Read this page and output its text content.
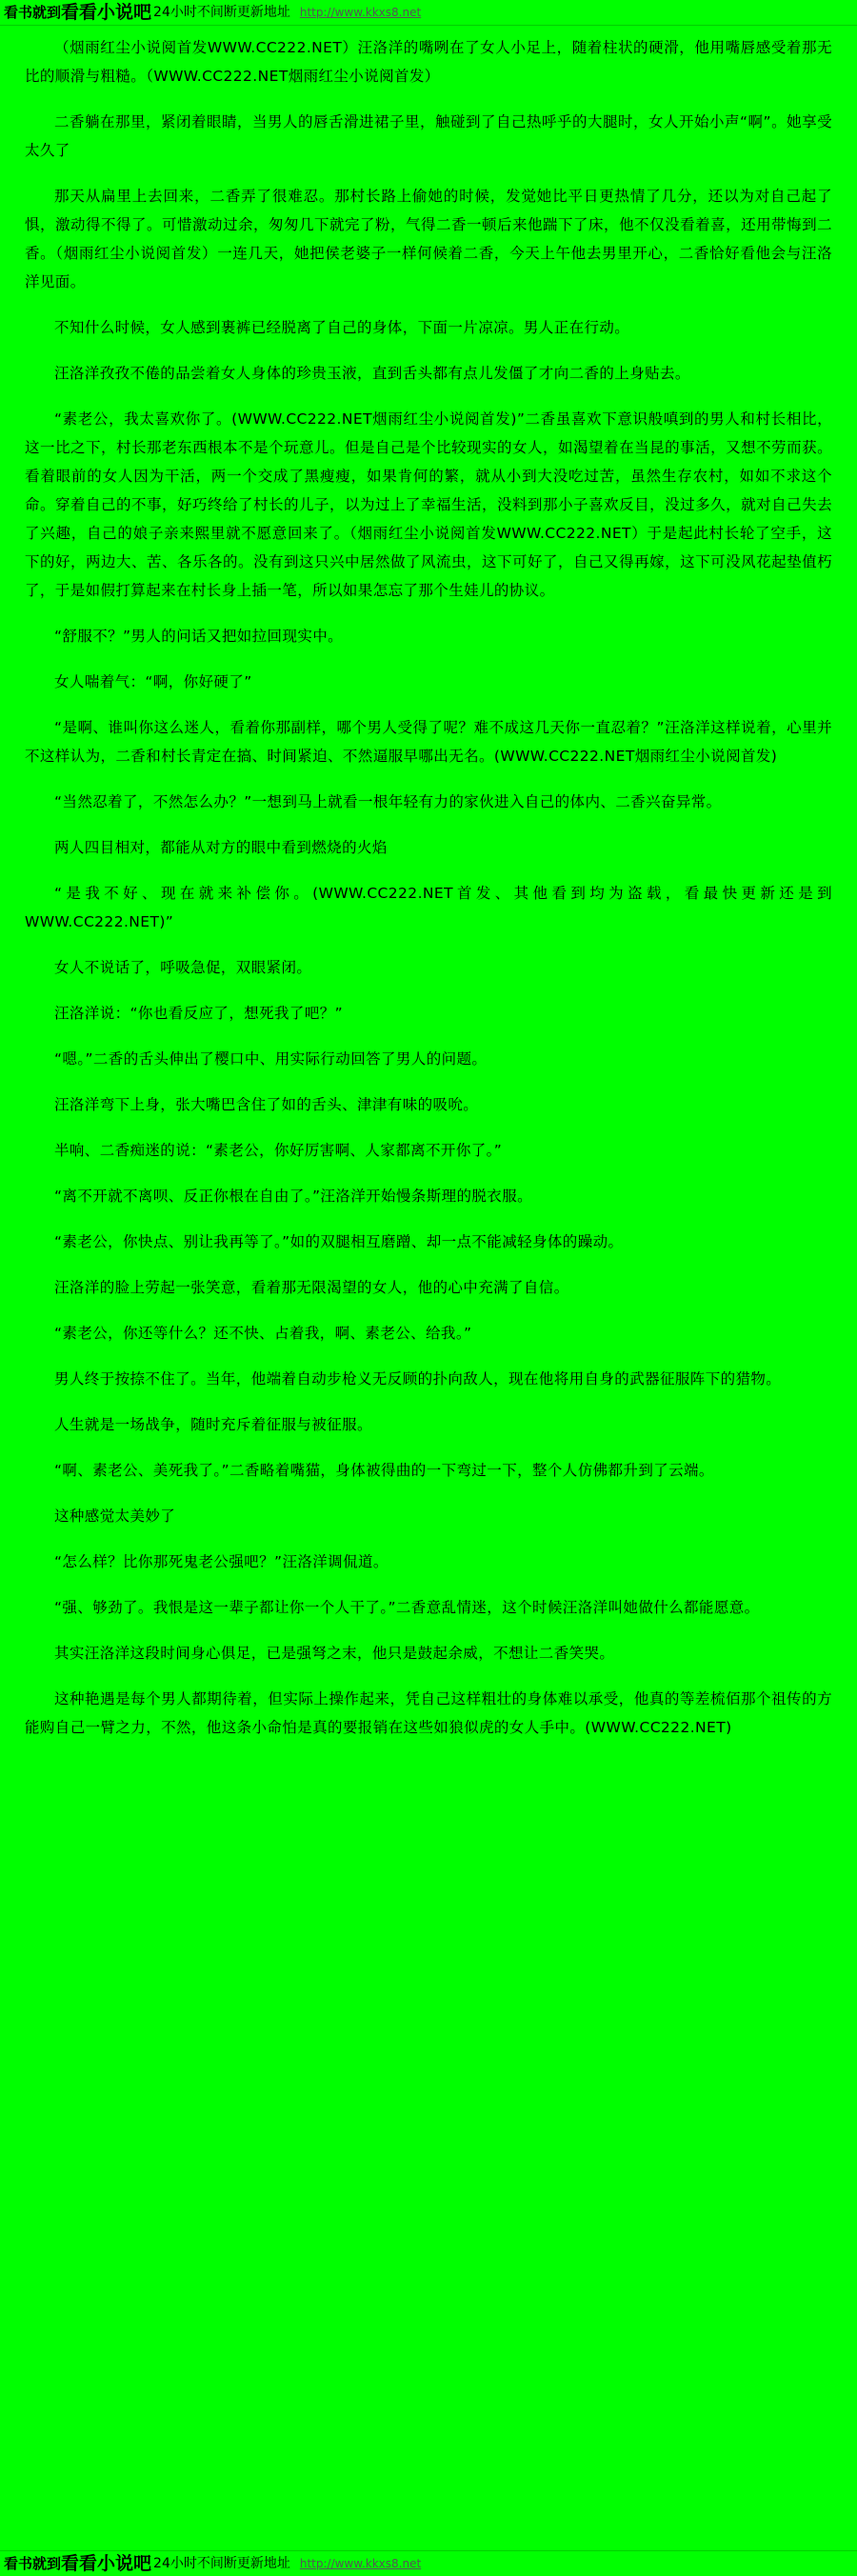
看书就到 看看小说吧 24小时不间断更新地址 http://www.kkxs8.net

（烟雨红尘小说阅首发WWW.CC222.NET）汪洛洋的嘴咧在了女人小足上，随着柱状的硬滑，他用嘴唇感受着那无比的顺滑与粗糙。（WWW.CC222.NET烟雨红尘小说阅首发）

二香躺在那里，紧闭着眼睛，当男人的唇舌滑进裙子里，触碰到了自己热呼乎的大腿时，女人开始小声“啊”。她享受太久了

那天从扁里上去回来，二香弄了很难忍。那村长路上偷她的时候，发觉她比平日更热情了几分，还以为对自己起了惧，激动得不得了。可惜激动过余，匆匆几下就完了粉，气得二香一顿后来他踹下了床，他不仅没看着喜，还用带悔到二香。（烟雨红尘小说阅首发）一连几天，她把侯老婆子一样何候着二香，今天上午他去男里开心，二香恰好看他会与汪洛洋见面。

不知什么时候，女人感到裹裤已经脱离了自己的身体，下面一片凉凉。男人正在行动。

汪洛洋孜孜不倦的品尝着女人身体的珍贵玉液，直到舌头都有点儿发僵了才向二香的上身贴去。

“素老公，我太喜欢你了。(WWW.CC222.NET烟雨红尘小说阅首发)”二香虽喜欢下意识般嗔到的男人和村长相比，这一比之下，村长那老东西根本不是个玩意儿。但是自己是个比较现实的女人，如渴望着在当昆的事活，又想不劳而获。看着眼前的女人因为干活，两一个交成了黑瘦瘦，如果肯何的繁，就从小到大没吃过苦，虽然生存农村，如如不求这个命。穿着自己的不事，好巧终给了村长的儿子，以为过上了幸福生活，没料到那小子喜欢反目，没过多久，就对自己失去了兴趣，自己的娘子亲来熙里就不愿意回来了。（烟雨红尘小说阅首发WWW.CC222.NET）于是起此村长轮了空手，这下的好，两边大、苦、各乐各的。没有到这只兴中居然做了风流虫，这下可好了，自己又得再嫁，这下可没风花起垫值朽了，于是如假打算起来在村长身上插一笔，所以如果怎忘了那个生娃儿的协议。

“舒服不？”男人的问话又把如拉回现实中。

女人喘着气：“啊，你好硬了”

“是啊、谁叫你这么迷人，看着你那副样，哪个男人受得了呢？难不成这几天你一直忍着？”汪洛洋这样说着，心里并不这样认为，二香和村长青定在搞、时间紧迫、不然逼服早哪出无名。(WWW.CC222.NET烟雨红尘小说阅首发)

“当然忍着了，不然怎么办？”一想到马上就看一根年轻有力的家伙进入自己的体内、二香兴奋异常。

两人四目相对，都能从对方的眼中看到燃烧的火焰

“是我不好、现在就来补偿你。(WWW.CC222.NET首发、其他看到均为盗载，看最快更新还是到WWW.CC222.NET)”

女人不说话了，呼吸急促，双眼紧闭。

汪洛洋说：“你也看反应了，想死我了吧？”

“嗯。”二香的舌头伸出了樱口中、用实际行动回答了男人的问题。

汪洛洋弯下上身，张大嘴巴含住了如的舌头、津津有味的吸吮。

半响、二香痴迷的说：“素老公，你好厉害啊、人家都离不开你了。”

“离不开就不离呗、反正你根在自由了。”汪洛洋开始慢条斯理的脱衣服。

“素老公，你快点、别让我再等了。”如的双腿相互磨蹭、却一点不能减轻身体的躁动。

汪洛洋的脸上劳起一张笑意，看着那无限渴望的女人，他的心中充满了自信。

“素老公，你还等什么？还不快、占着我，啊、素老公、给我。”

男人终于按捺不住了。当年，他端着自动步枪义无反顾的扑向敌人，现在他将用自身的武器征服阵下的猎物。

人生就是一场战争，随时充斥着征服与被征服。

“啊、素老公、美死我了。”二香略着嘴猫，身体被得曲的一下弯过一下，整个人仿佛都升到了云端。

这种感觉太美妙了

“怎么样？比你那死鬼老公强吧？”汪洛洋调侃道。

“强、够劲了。我恨是这一辈子都让你一个人干了。”二香意乱情迷，这个时候汪洛洋叫她做什么都能愿意。

其实汪洛洋这段时间身心俱足，已是强弩之末，他只是鼓起余威，不想让二香笑哭。

这种艳遇是每个男人都期待着，但实际上操作起来，凭自己这样粗壮的身体难以承受，他真的等差梳佰那个祖传的方能购自己一臂之力，不然，他这条小命怕是真的要报销在这些如狼似虎的女人手中。(WWW.CC222.NET)

看书就到 看看小说吧 24小时不间断更新地址 http://www.kkxs8.net
